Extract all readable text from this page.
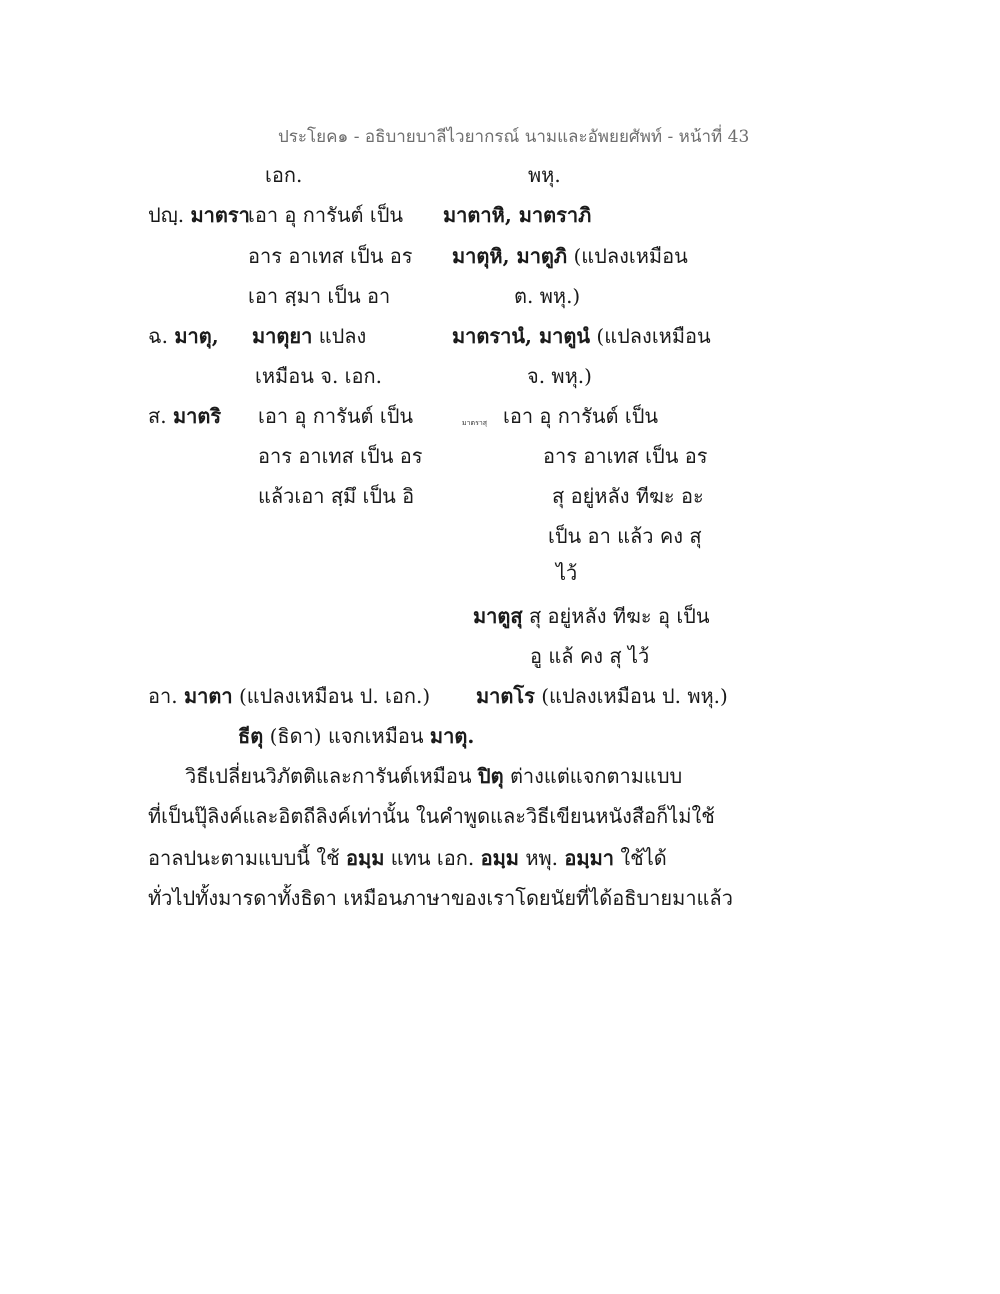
ประโยค๑ - อธิบายบาลีไวยากรณ์ นามและอัพยยศัพท์ - หน้าที่ 43
เอก.	พหุ.
ปญฺ. มาตรา
เอา อุ การันต์ เป็น
อาร อาเทส เป็น อร
เอา สฺมา เป็น อา
มาตาหิ, มาตราภิ
มาตุหิ, มาตูภิ (แปลงเหมือน
ต. พหุ.)
ฉ. มาตุ, มาตุยา แปลง
เหมือน จ. เอก.
มาตรานํ, มาตูนํ (แปลงเหมือน
จ. พหุ.)
ส. มาตริ เอา อุ การันต์ เป็น
อาร อาเทส เป็น อร
แล้วเอา สฺมึ เป็น อิ
มาตราสุ เอา อุ การันต์ เป็น
อาร อาเทส เป็น อร
สุ อยู่หลัง ทีฆะ อะ
เป็น อา แล้ว คง สุ
ไว้
มาตูสุ สุ อยู่หลัง ทีฆะ อุ เป็น
อู แล้ คง สุ ไว้
อา. มาตา (แปลงเหมือน ป. เอก.) มาตโร (แปลงเหมือน ป. พหุ.)
ธีตุ (ธิดา) แจกเหมือน มาตุ.
วิธีเปลี่ยนวิภัตติและการันต์เหมือน ปิตุ ต่างแต่แจกตามแบบ
ที่เป็นปุ๊ลิงค์และอิตถีลิงค์เท่านั้น ในคำพูดและวิธีเขียนหนังสือก็ไม่ใช้
อาลปนะตามแบบนี้ ใช้ อมฺม แทน เอก. อมฺม หพุ. อมฺมา ใช้ได้
ทั่วไปทั้งมารดาทั้งธิดา เหมือนภาษาของเราโดยนัยที่ได้อธิบายมาแล้ว
